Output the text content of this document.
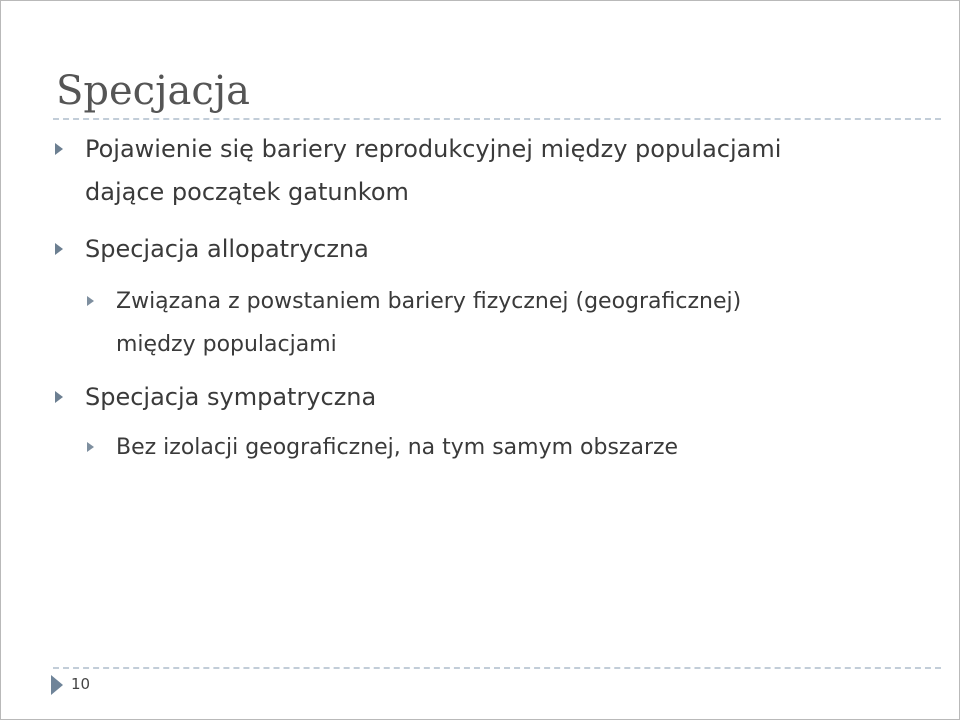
Specjacja
Pojawienie się bariery reprodukcyjnej między populacjami
dające początek gatunkom
Specjacja allopatryczna
Związana z powstaniem bariery fizycznej (geograficznej)
między populacjami
Specjacja sympatryczna
Bez izolacji geograficznej, na tym samym obszarze
10
